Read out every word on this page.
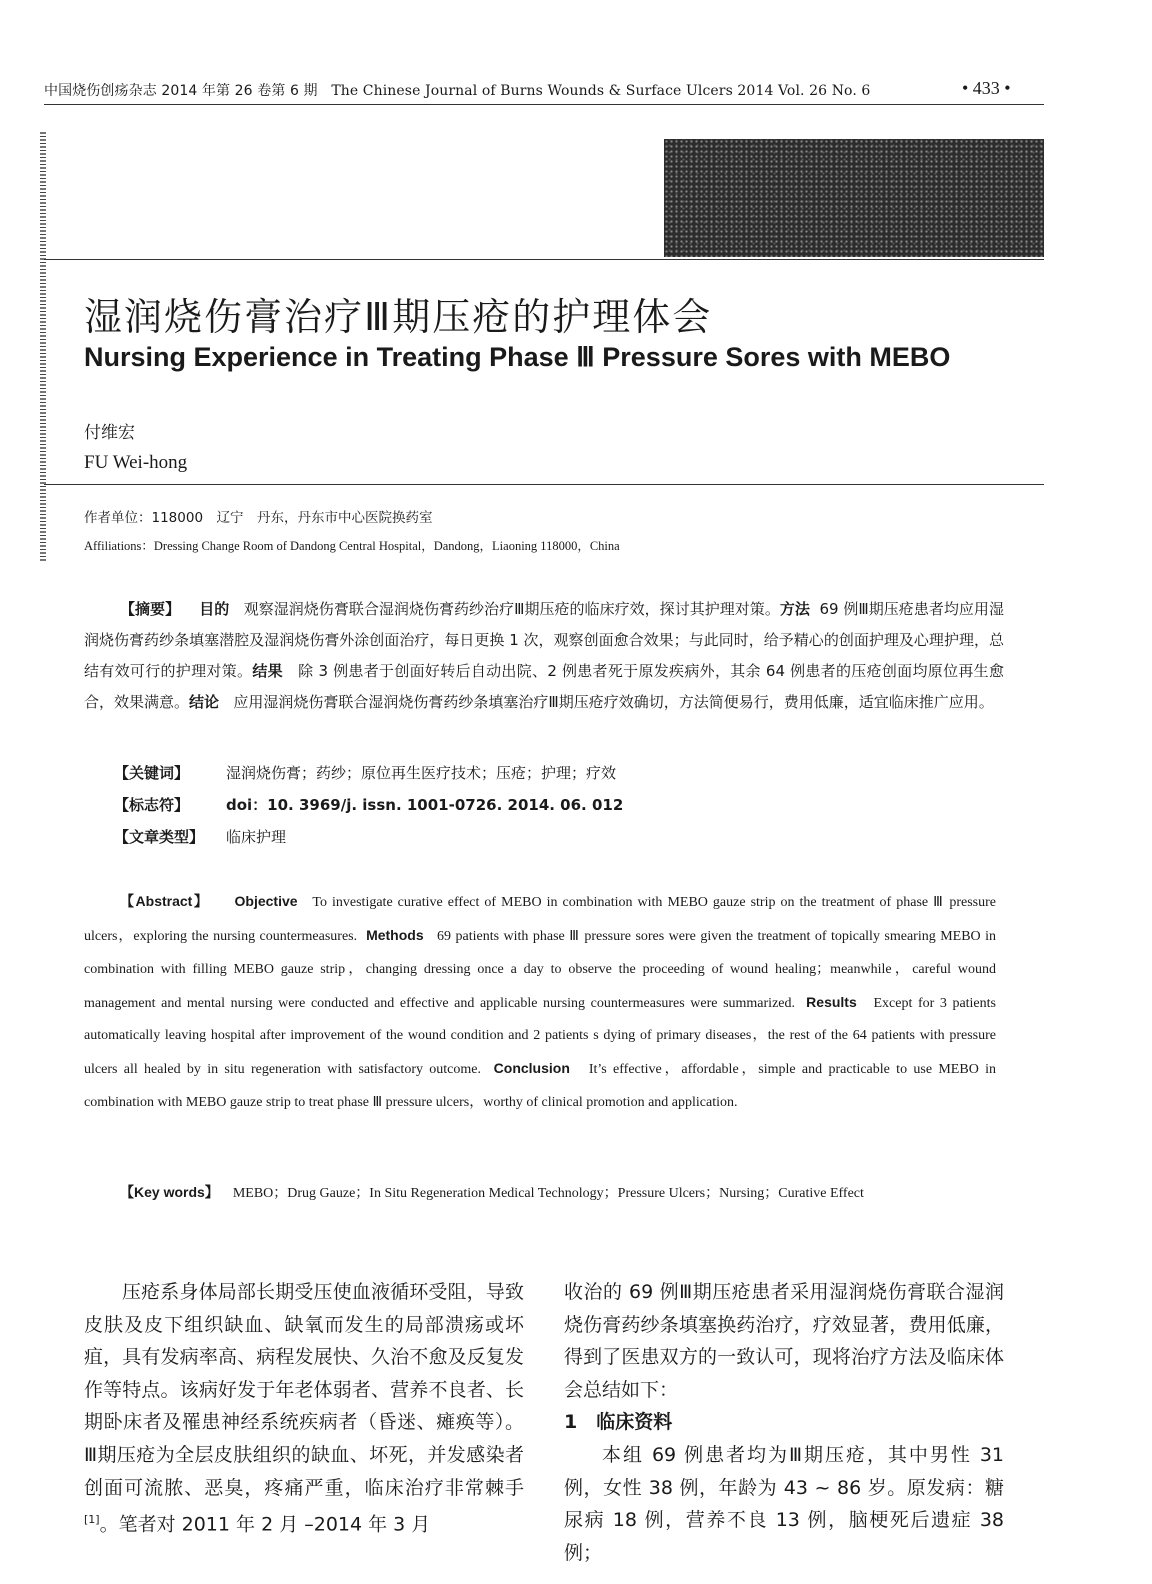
中国烧伤创疡杂志 2014 年第 26 卷第 6 期 The Chinese Journal of Burns Wounds & Surface Ulcers 2014 Vol. 26 No. 6	• 433 •
湿润烧伤膏治疗Ⅲ期压疮的护理体会
Nursing Experience in Treating Phase Ⅲ Pressure Sores with MEBO
付维宏
FU Wei-hong
作者单位：118000　辽宁　丹东，丹东市中心医院换药室
Affiliations：Dressing Change Room of Dandong Central Hospital，Dandong，Liaoning 118000，China

【摘要】 目的 观察湿润烧伤膏联合湿润烧伤膏药纱治疗Ⅲ期压疮的临床疗效，探讨其护理对策。方法 69 例Ⅲ期压疮患者均应用湿润烧伤膏药纱条填塞潜腔及湿润烧伤膏外涂创面治疗，每日更换 1 次，观察创面愈合效果；与此同时，给予精心的创面护理及心理护理，总结有效可行的护理对策。结果 除 3 例患者于创面好转后自动出院、2 例患者死于原发疾病外，其余 64 例患者的压疮创面均原位再生愈合，效果满意。结论 应用湿润烧伤膏联合湿润烧伤膏药纱条填塞治疗Ⅲ期压疮疗效确切，方法简便易行，费用低廉，适宜临床推广应用。

【关键词】 湿润烧伤膏；药纱；原位再生医疗技术；压疮；护理；疗效
【标志符】 doi：10. 3969/j. issn. 1001-0726. 2014. 06. 012
【文章类型】 临床护理

【Abstract】 Objective To investigate curative effect of MEBO in combination with MEBO gauze strip on the treatment of phase Ⅲ pressure ulcers，exploring the nursing countermeasures. Methods 69 patients with phase Ⅲ pressure sores were given the treatment of topically smearing MEBO in combination with filling MEBO gauze strip，changing dressing once a day to observe the proceeding of wound healing；meanwhile，careful wound management and mental nursing were conducted and effective and applicable nursing countermeasures were summarized. Results Except for 3 patients automatically leaving hospital after improvement of the wound condition and 2 patients s dying of primary diseases，the rest of the 64 patients with pressure ulcers all healed by in situ regeneration with satisfactory outcome. Conclusion It’s effective，affordable，simple and practicable to use MEBO in combination with MEBO gauze strip to treat phase Ⅲ pressure ulcers，worthy of clinical promotion and application.

【Key words】 MEBO；Drug Gauze；In Situ Regeneration Medical Technology；Pressure Ulcers；Nursing；Curative Effect

压疮系身体局部长期受压使血液循环受阻，导致皮肤及皮下组织缺血、缺氧而发生的局部溃疡或坏疽，具有发病率高、病程发展快、久治不愈及反复发作等特点。该病好发于年老体弱者、营养不良者、长期卧床者及罹患神经系统疾病者（昏迷、瘫痪等）。Ⅲ期压疮为全层皮肤组织的缺血、坏死，并发感染者创面可流脓、恶臭，疼痛严重，临床治疗非常棘手[1]。笔者对 2011 年 2 月 –2014 年 3 月

收治的 69 例Ⅲ期压疮患者采用湿润烧伤膏联合湿润烧伤膏药纱条填塞换药治疗，疗效显著，费用低廉，得到了医患双方的一致认可，现将治疗方法及临床体会总结如下：

1　临床资料

本组 69 例患者均为Ⅲ期压疮，其中男性 31 例，女性 38 例，年龄为 43 ~ 86 岁。原发病：糖尿病 18 例，营养不良 13 例，脑梗死后遗症 38 例；
